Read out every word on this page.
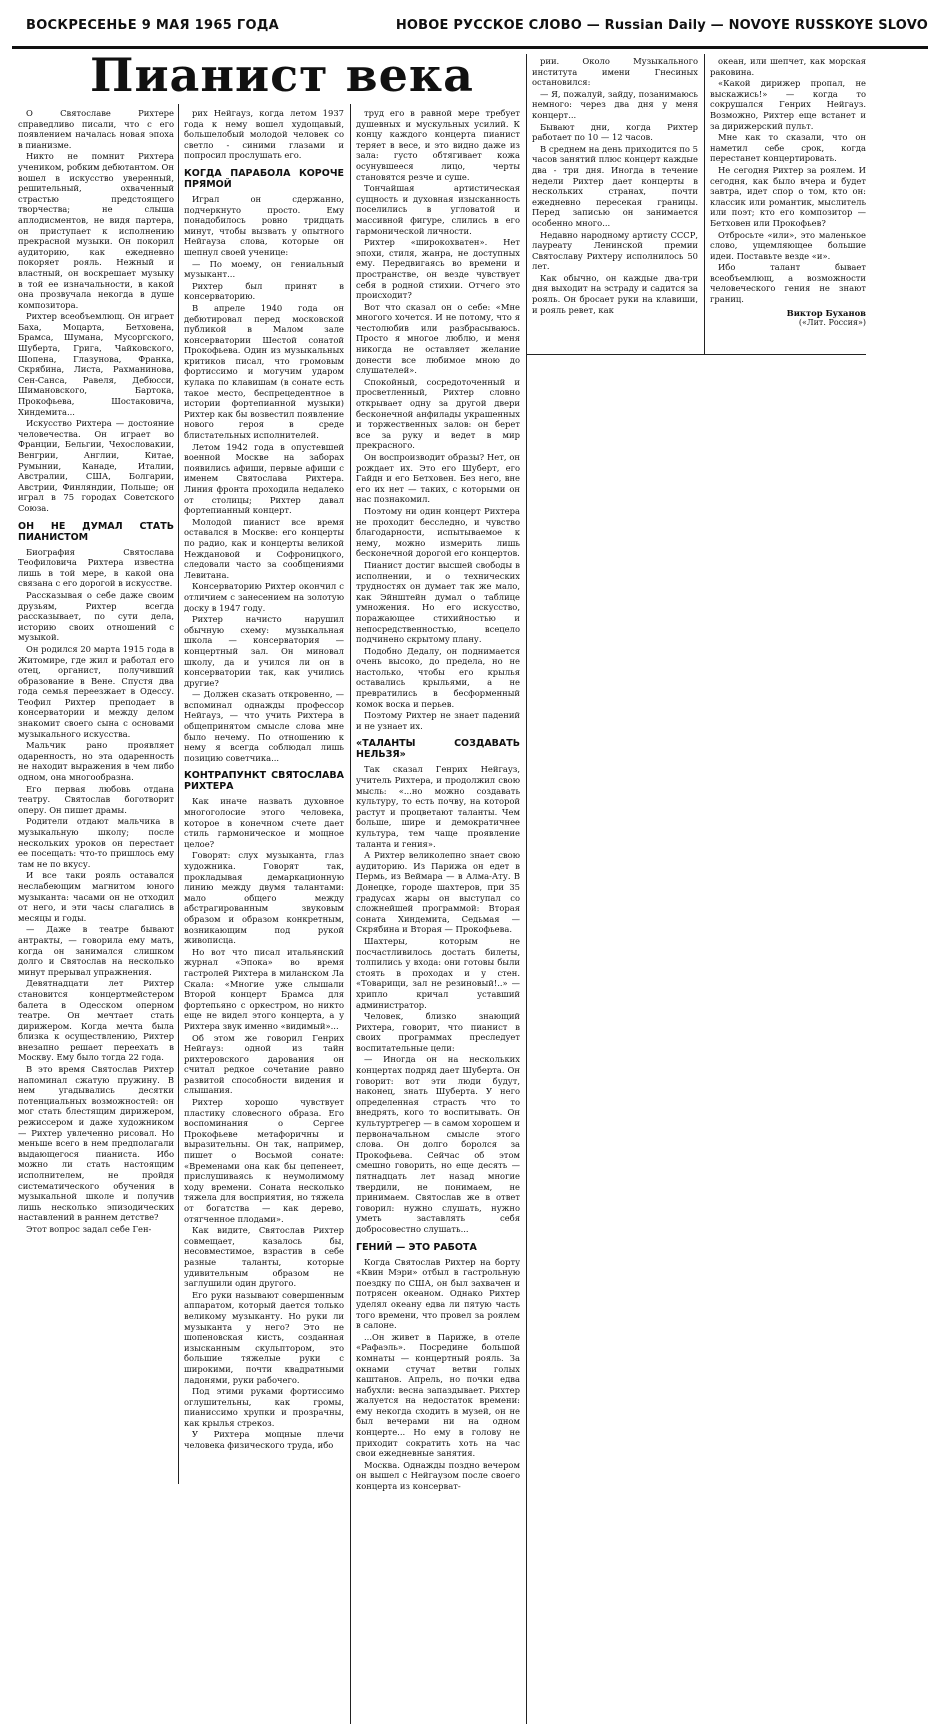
ВОСКРЕСЕНЬЕ 9 МАЯ 1965 ГОДА	НОВОЕ РУССКОЕ СЛОВО — Russian Daily — NOVOYE RUSSKOYE SLOVO
Пианист века

О Святославе Рихтере справедливо писали, что с его появлением началась новая эпоха в пианизме.

Никто не помнит Рихтера учеником, робким дебютантом. Он вошел в искусство уверенный, решительный, охваченный страстью предстоящего творчества; не слыша аплодисментов, не видя партера, он приступает к исполнению прекрасной музыки. Он покорил аудиторию, как ежедневно покоряет рояль. Нежный и властный, он воскрешает музыку в той ее изначальности, в какой она прозвучала некогда в душе композитора.

Рихтер всеобъемлющ. Он играет Баха, Моцарта, Бетховена, Брамса, Шумана, Мусоргского, Шуберта, Грига, Чайковского, Шопена, Глазунова, Франка, Скрябина, Листа, Рахманинова, Сен-Санса, Равеля, Дебюсси, Шимановского, Бартока, Прокофьева, Шостаковича, Хиндемита...

Искусство Рихтера — достояние человечества. Он играет во Франции, Бельгии, Чехословакии, Венгрии, Англии, Китае, Румынии, Канаде, Италии, Австралии, США, Болгарии, Австрии, Финляндии, Польше; он играл в 75 городах Советского Союза.

ОН НЕ ДУМАЛ СТАТЬ ПИАНИСТОМ

Биография Святослава Теофиловича Рихтера известна лишь в той мере, в какой она связана с его дорогой в искусстве.

Рассказывая о себе даже своим друзьям, Рихтер всегда рассказывает, по сути дела, историю своих отношений с музыкой.

Он родился 20 марта 1915 года в Житомире, где жил и работал его отец, органист, получивший образование в Вене. Спустя два года семья переезжает в Одессу. Теофил Рихтер преподает в консерватории и между делом знакомит своего сына с основами музыкального искусства.

Мальчик рано проявляет одаренность, но эта одаренность не находит выражения в чем либо одном, она многообразна.

Его первая любовь отдана театру. Святослав боготворит оперу. Он пишет драмы.

Родители отдают мальчика в музыкальную школу; после нескольких уроков он перестает ее посещать: что-то пришлось ему там не по вкусу.

И все таки рояль оставался неслабеющим магнитом юного музыканта: часами он не отходил от него, и эти часы слагались в месяцы и годы.

— Даже в театре бывают антракты, — говорила ему мать, когда он занимался слишком долго и Святослав на несколько минут прерывал упражнения.

Девятнадцати лет Рихтер становится концертмейстером балета в Одесском оперном театре. Он мечтает стать дирижером. Когда мечта была близка к осуществлению, Рихтер внезапно решает переехать в Москву. Ему было тогда 22 года.

В это время Святослав Рихтер напоминал сжатую пружину. В нем угадывались десятки потенциальных возможностей: он мог стать блестящим дирижером, режиссером и даже художником — Рихтер увлеченно рисовал. Но меньше всего в нем предполагали выдающегося пианиста. Ибо можно ли стать настоящим исполнителем, не пройдя систематического обучения в музыкальной школе и получив лишь несколько эпизодических наставлений в раннем детстве?

Этот вопрос задал себе Ген-

рих Нейгауз, когда летом 1937 года к нему вошел худощавый, большелобый молодой человек со светло - синими глазами и попросил прослушать его.

КОГДА ПАРАБОЛА КОРОЧЕ ПРЯМОЙ

Играл он сдержанно, подчеркнуто просто. Ему понадобилось ровно тридцать минут, чтобы вызвать у опытного Нейгауза слова, которые он шепнул своей ученице:

— По моему, он гениальный музыкант...

Рихтер был принят в консерваторию.

В апреле 1940 года он дебютировал перед московской публикой в Малом зале консерватории Шестой сонатой Прокофьева. Один из музыкальных критиков писал, что громовым фортиссимо и могучим ударом кулака по клавишам (в сонате есть такое место, беспрецедентное в истории фортепианной музыки) Рихтер как бы возвестил появление нового героя в среде блистательных исполнителей.

Летом 1942 года в опустевшей военной Москве на заборах появились афиши, первые афиши с именем Святослава Рихтера. Линия фронта проходила недалеко от столицы; Рихтер давал фортепианный концерт.

Молодой пианист все время оставался в Москве: его концерты по радио, как и концерты великой Неждановой и Софроницкого, следовали часто за сообщениями Левитана.

Консерваторию Рихтер окончил с отличием с занесением на золотую доску в 1947 году.

Рихтер начисто нарушил обычную схему: музыкальная школа — консерватория — концертный зал. Он миновал школу, да и учился ли он в консерватории так, как учились другие?

— Должен сказать откровенно, — вспоминал однажды профессор Нейгауз, — что учить Рихтера в общепринятом смысле слова мне было нечему. По отношению к нему я всегда соблюдал лишь позицию советчика...

КОНТРАПУНКТ СВЯТОСЛАВА РИХТЕРА

Как иначе назвать духовное многоголосие этого человека, которое в конечном счете дает стиль гармоническое и мощное целое?

Говорят: слух музыканта, глаз художника. Говорят так, прокладывая демаркационную линию между двумя талантами: мало общего между абстрагированным звуковым образом и образом конкретным, возникающим под рукой живописца.

Но вот что писал итальянский журнал «Эпока» во время гастролей Рихтера в миланском Ла Скала: «Многие уже слышали Второй концерт Брамса для фортепьяно с оркестром, но никто еще не видел этого концерта, а у Рихтера звук именно «видимый»...

Об этом же говорил Генрих Нейгауз: одной из тайн рихтеровского дарования он считал редкое сочетание равно развитой способности видения и слышания.

Рихтер хорошо чувствует пластику словесного образа. Его воспоминания о Сергее Прокофьеве метафоричны и выразительны. Он так, например, пишет о Восьмой сонате: «Временами она как бы цепенеет, прислушиваясь к неумолимому ходу времени. Соната несколько тяжела для восприятия, но тяжела от богатства — как дерево, отягченное плодами».

Как видите, Святослав Рихтер совмещает, казалось бы, несовместимое, взрастив в себе разные таланты, которые удивительным образом не заглушили один другого.

Его руки называют совершенным аппаратом, который дается только великому музыканту. Но руки ли музыканта у него? Это не шопеновская кисть, созданная изысканным скульптором, это большие тяжелые руки с широкими, почти квадратными ладонями, руки рабочего.

Под этими руками фортиссимо оглушительны, как громы, пианиссимо хрупки и прозрачны, как крылья стрекоз.

У Рихтера мощные плечи человека физического труда, ибо

труд его в равной мере требует душевных и мускульных усилий. К концу каждого концерта пианист теряет в весе, и это видно даже из зала: густо обтягивает кожа осунувшееся лицо, черты становятся резче и суше.

Тончайшая артистическая сущность и духовная изысканность поселились в угловатой и массивной фигуре, слились в его гармонической личности.

Рихтер «широкохватен». Нет эпохи, стиля, жанра, не доступных ему. Передвигаясь во времени и пространстве, он везде чувствует себя в родной стихии. Отчего это происходит?

Вот что сказал он о себе: «Мне многого хочется. И не потому, что я честолюбив или разбрасываюсь. Просто я многое люблю, и меня никогда не оставляет желание донести все любимое мною до слушателей».

Спокойный, сосредоточенный и просветленный, Рихтер словно открывает одну за другой двери бесконечной анфилады украшенных и торжественных залов: он берет все за руку и ведет в мир прекрасного.

Он воспроизводит образы? Нет, он рождает их. Это его Шуберт, его Гайдн и его Бетховен. Без него, вне его их нет — таких, с которыми он нас познакомил.

Поэтому ни один концерт Рихтера не проходит бесследно, и чувство благодарности, испытываемое к нему, можно измерить лишь бесконечной дорогой его концертов.

Пианист достиг высшей свободы в исполнении, и о технических трудностях он думает так же мало, как Эйнштейн думал о таблице умножения. Но его искусство, поражающее стихийностью и непосредственностью, всецело подчинено скрытому плану.

Подобно Дедалу, он поднимается очень высоко, до предела, но не настолько, чтобы его крылья оставались крыльями, а не превратились в бесформенный комок воска и перьев.

Поэтому Рихтер не знает падений и не узнает их.

«ТАЛАНТЫ СОЗДАВАТЬ НЕЛЬЗЯ»

Так сказал Генрих Нейгауз, учитель Рихтера, и продолжил свою мысль: «...но можно создавать культуру, то есть почву, на которой растут и процветают таланты. Чем больше, шире и демократичнее культура, тем чаще проявление таланта и гения».

А Рихтер великолепно знает свою аудиторию. Из Парижа он едет в Пермь, из Веймара — в Алма-Ату. В Донецке, городе шахтеров, при 35 градусах жары он выступал со сложнейшей программой: Вторая соната Хиндемита, Седьмая — Скрябина и Вторая — Прокофьева.

Шахтеры, которым не посчастливилось достать билеты, толпились у входа: они готовы были стоять в проходах и у стен. «Товарищи, зал не резиновый!..» — хрипло кричал уставший администратор.

Человек, близко знающий Рихтера, говорит, что пианист в своих программах преследует воспитательные цели:

— Иногда он на нескольких концертах подряд дает Шуберта. Он говорит: вот эти люди будут, наконец, знать Шуберта. У него определенная страсть что то внедрять, кого то воспитывать. Он культуртрегер — в самом хорошем и первоначальном смысле этого слова. Он долго боролся за Прокофьева. Сейчас об этом смешно говорить, но еще десять — пятнадцать лет назад многие твердили, не понимаем, не принимаем. Святослав же в ответ говорил: нужно слушать, нужно уметь заставлять себя добросовестно слушать...

ГЕНИЙ — ЭТО РАБОТА

Когда Святослав Рихтер на борту «Квин Мэри» отбыл в гастрольную поездку по США, он был захвачен и потрясен океаном. Однако Рихтер уделял океану едва ли пятую часть того времени, что провел за роялем в салоне.

...Он живет в Париже, в отеле «Рафаэль». Посредине большой комнаты — концертный рояль. За окнами стучат ветви голых каштанов. Апрель, но почки едва набухли: весна запаздывает. Рихтер жалуется на недостаток времени: ему некогда сходить в музей, он не был вечерами ни на одном концерте... Но ему в голову не приходит сократить хоть на час свои ежедневные занятия.

Москва. Однажды поздно вечером он вышел с Нейгаузом после своего концерта из консерват-

рии. Около Музыкального института имени Гнесиных остановился:

— Я, пожалуй, зайду, позанимаюсь немного: через два дня у меня концерт...

Бывают дни, когда Рихтер работает по 10 — 12 часов.

В среднем на день приходится по 5 часов занятий плюс концерт каждые два - три дня. Иногда в течение недели Рихтер дает концерты в нескольких странах, почти ежедневно пересекая границы. Перед записью он занимается особенно много...

Недавно народному артисту СССР, лауреату Ленинской премии Святославу Рихтеру исполнилось 50 лет.

Как обычно, он каждые два-три дня выходит на эстраду и садится за рояль. Он бросает руки на клавиши, и рояль ревет, как

океан, или шепчет, как морская раковина.

«Какой дирижер пропал, не выскажись!» — когда то сокрушался Генрих Нейгауз. Возможно, Рихтер еще встанет и за дирижерский пульт.

Мне как то сказали, что он наметил себе срок, когда перестанет концертировать.

Не сегодня Рихтер за роялем. И сегодня, как было вчера и будет завтра, идет спор о том, кто он: классик или романтик, мыслитель или поэт; кто его композитор — Бетховен или Прокофьев?

Отбросьте «или», это маленькое слово, ущемляющее большие идеи. Поставьте везде «и».

Ибо талант бывает всеобъемлющ, а возможности человеческого гения не знают границ.

Виктор Буханов
(«Лит. Россия»)
